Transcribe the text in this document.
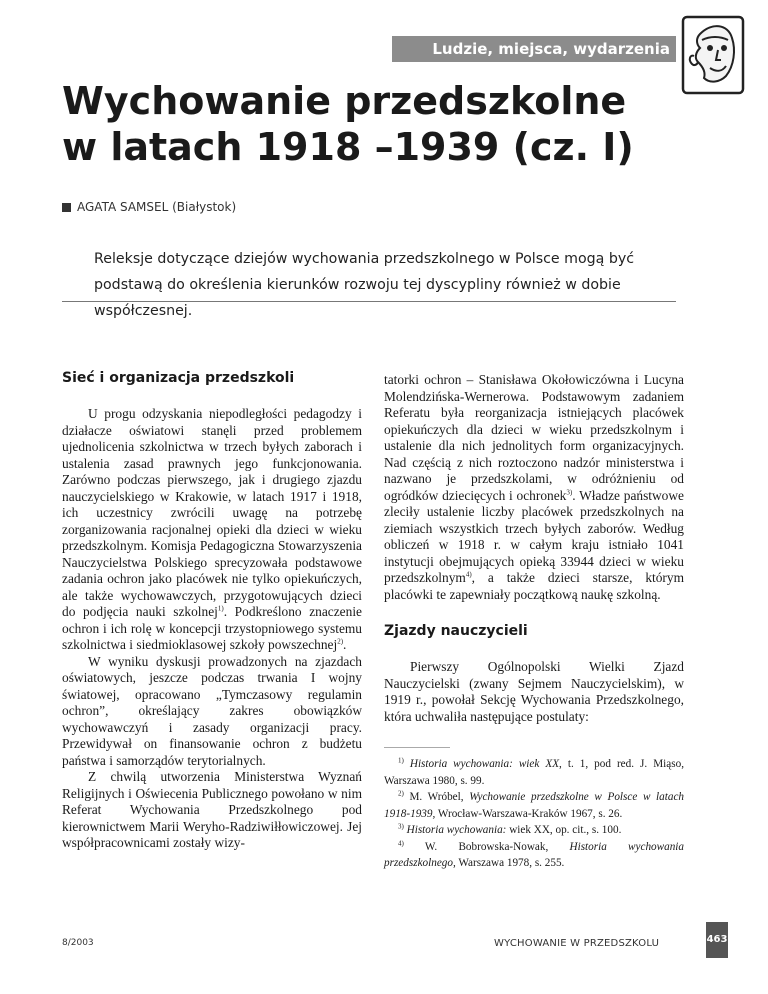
Ludzie, miejsca, wydarzenia
Wychowanie przedszkolne
w latach 1918 –1939 (cz. I)
AGATA SAMSEL (Białystok)

Releksje dotyczące dziejów wychowania przedszkolnego w Polsce mogą być podstawą do określenia kierunków rozwoju tej dyscypliny również w dobie współczesnej.

Sieć i organizacja przedszkoli

U progu odzyskania niepodległości pedagodzy i działacze oświatowi stanęli przed problemem ujednolicenia szkolnictwa w trzech byłych zaborach i ustalenia zasad prawnych jego funkcjonowania. Zarówno podczas pierwszego, jak i drugiego zjazdu nauczycielskiego w Krakowie, w latach 1917 i 1918, ich uczestnicy zwrócili uwagę na potrzebę zorganizowania racjonalnej opieki dla dzieci w wieku przedszkolnym. Komisja Pedagogiczna Stowarzyszenia Nauczycielstwa Polskiego sprecyzowała podstawowe zadania ochron jako placówek nie tylko opiekuńczych, ale także wychowawczych, przygotowujących dzieci do podjęcia nauki szkolnej$^{1)}$. Podkreślono znaczenie ochron i ich rolę w koncepcji trzystopniowego systemu szkolnictwa i siedmioklasowej szkoły powszechnej$^{2)}$.

W wyniku dyskusji prowadzonych na zjazdach oświatowych, jeszcze podczas trwania I wojny światowej, opracowano „Tymczasowy regulamin ochron”, określający zakres obowiązków wychowawczyń i zasady organizacji pracy. Przewidywał on finansowanie ochron z budżetu państwa i samorządów terytorialnych.

Z chwilą utworzenia Ministerstwa Wyznań Religijnych i Oświecenia Publicznego powołano w nim Referat Wychowania Przedszkolnego pod kierownictwem Marii Weryho-Radziwiłłowiczowej. Jej współpracownicami zostały wizy-

tatorki ochron – Stanisława Okołowiczówna i Lucyna Molendzińska-Wernerowa. Podstawowym zadaniem Referatu była reorganizacja istniejących placówek opiekuńczych dla dzieci w wieku przedszkolnym i ustalenie dla nich jednolitych form organizacyjnych. Nad częścią z nich roztoczono nadzór ministerstwa i nazwano je przedszkolami, w odróżnieniu od ogródków dziecięcych i ochronek$^{3)}$. Władze państwowe zleciły ustalenie liczby placówek przedszkolnych na ziemiach wszystkich trzech byłych zaborów. Według obliczeń w 1918 r. w całym kraju istniało 1041 instytucji obejmujących opieką 33944 dzieci w wieku przedszkolnym$^{4)}$, a także dzieci starsze, którym placówki te zapewniały początkową naukę szkolną.

Zjazdy nauczycieli

Pierwszy Ogólnopolski Wielki Zjazd Nauczycielski (zwany Sejmem Nauczycielskim), w 1919 r., powołał Sekcję Wychowania Przedszkolnego, która uchwaliła następujące postulaty:

$^{1)}$ Historia wychowania: wiek XX, t. 1, pod red. J. Miąso, Warszawa 1980, s. 99.

$^{2)}$ M. Wróbel, Wychowanie przedszkolne w Polsce w latach 1918-1939, Wrocław-Warszawa-Kraków 1967, s. 26.

$^{3)}$ Historia wychowania: wiek XX, op. cit., s. 100.

$^{4)}$ W. Bobrowska-Nowak, Historia wychowania przedszkolnego, Warszawa 1978, s. 255.

8/2003	WYCHOWANIE W PRZEDSZKOLU	463
